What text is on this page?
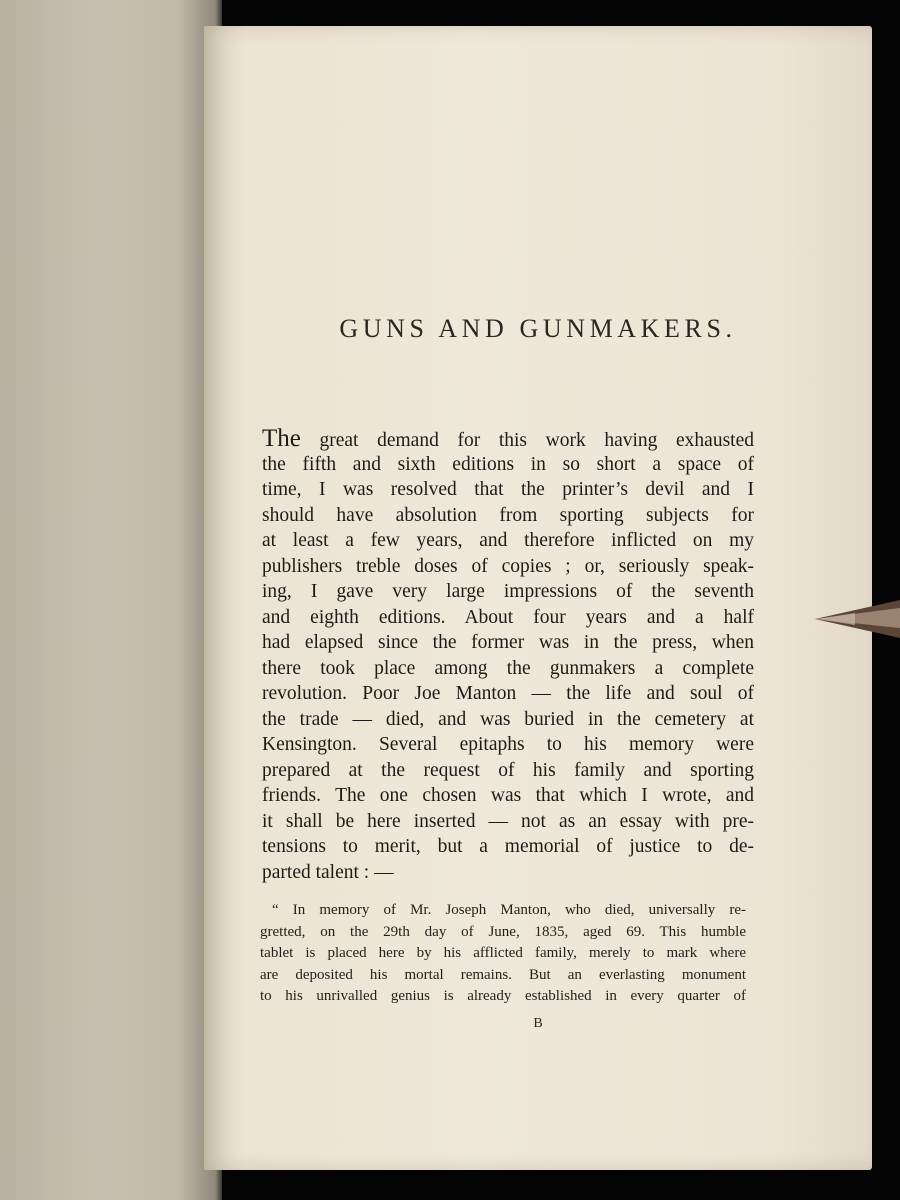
GUNS AND GUNMAKERS.
The great demand for this work having exhausted
the fifth and sixth editions in so short a space of
time, I was resolved that the printer’s devil and I
should have absolution from sporting subjects for
at least a few years, and therefore inflicted on my
publishers treble doses of copies ; or, seriously speak-
ing, I gave very large impressions of the seventh
and eighth editions. About four years and a half
had elapsed since the former was in the press, when
there took place among the gunmakers a complete
revolution. Poor Joe Manton — the life and soul of
the trade — died, and was buried in the cemetery at
Kensington. Several epitaphs to his memory were
prepared at the request of his family and sporting
friends. The one chosen was that which I wrote, and
it shall be here inserted — not as an essay with pre-
tensions to merit, but a memorial of justice to de-
parted talent : —
“ In memory of Mr. Joseph Manton, who died, universally re-
gretted, on the 29th day of June, 1835, aged 69. This humble
tablet is placed here by his afflicted family, merely to mark where
are deposited his mortal remains. But an everlasting monument
to his unrivalled genius is already established in every quarter of
B
